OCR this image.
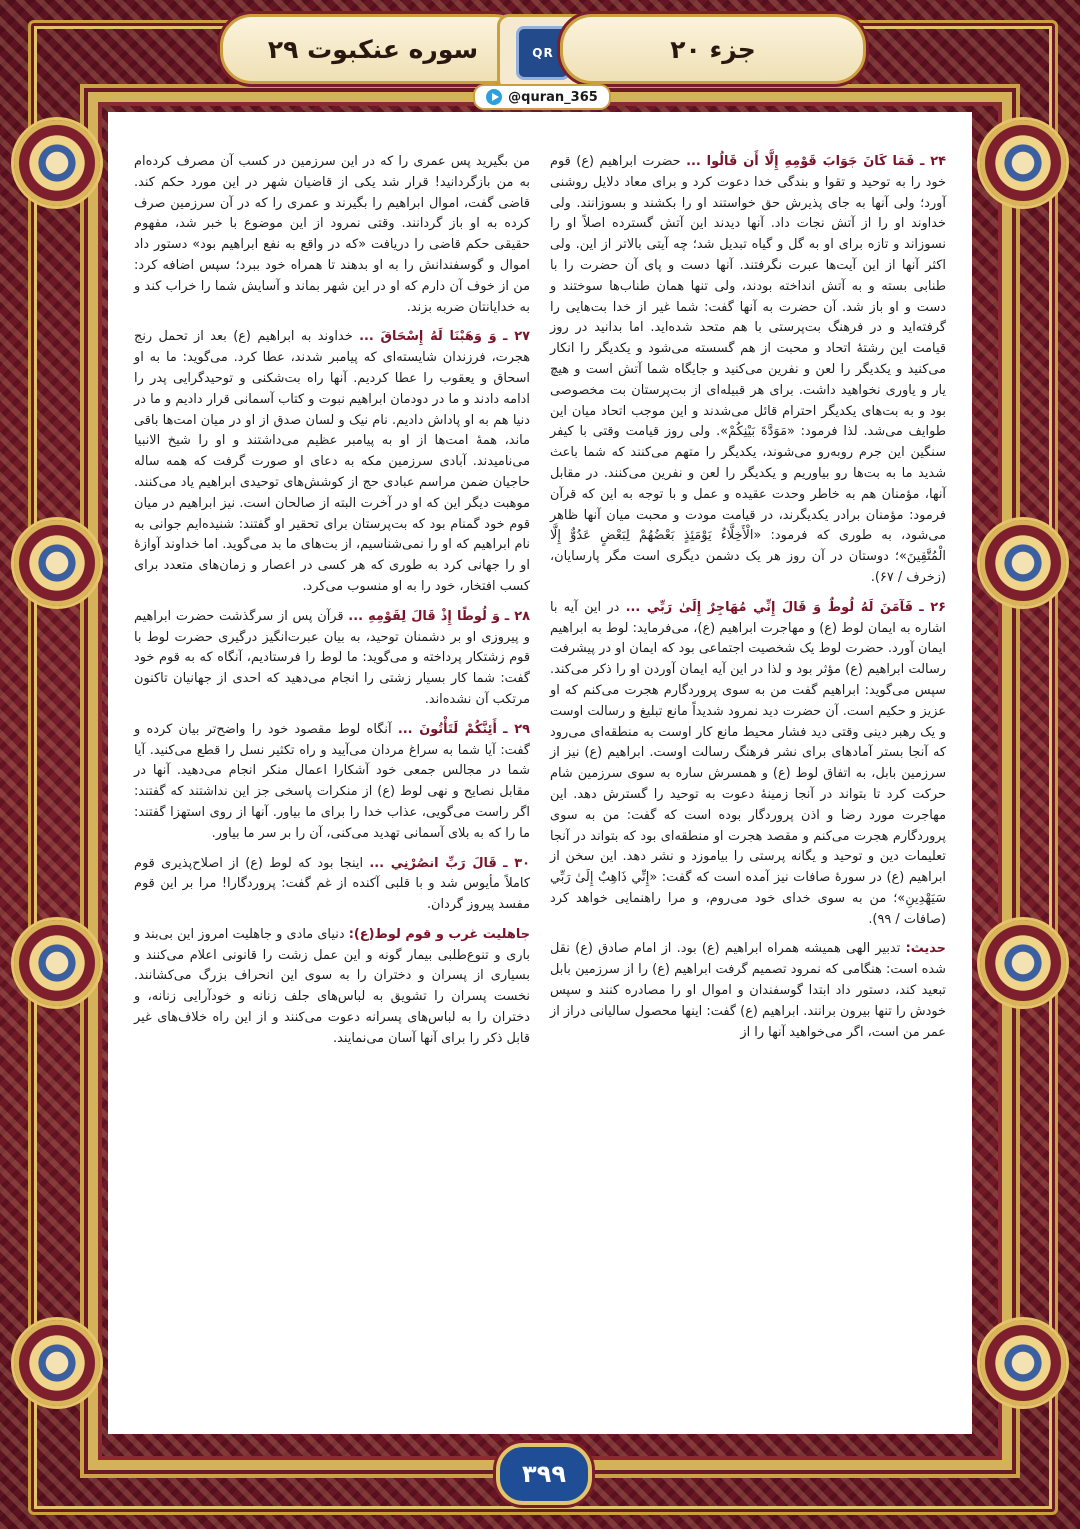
سوره عنکبوت ۲۹	QR	جزء ۲۰
@quran_365

۲۴ ـ فَمَا كَانَ جَوَابَ قَوْمِهِ إِلَّا أَن قَالُوا ... حضرت ابراهیم (ع) قوم خود را به توحید و تقوا و بندگی خدا دعوت کرد و برای معاد دلایل روشنی آورد؛ ولی آنها به جای پذیرش حق خواستند او را بکشند و بسوزانند. ولی خداوند او را از آتش نجات داد. آنها دیدند این آتش گسترده اصلاً او را نسوزاند و تازه برای او به گل و گیاه تبدیل شد؛ چه آیتی بالاتر از این. ولی اکثر آنها از این آیت‌ها عبرت نگرفتند. آنها دست و پای آن حضرت را با طنابی بسته و به آتش انداخته بودند، ولی تنها همان طناب‌ها سوختند و دست و او باز شد. آن حضرت به آنها گفت: شما غیر از خدا بت‌هایی را گرفته‌اید و در فرهنگ بت‌پرستی با هم متحد شده‌اید. اما بدانید در روز قیامت این رشتهٔ اتحاد و محبت از هم گسسته می‌شود و یکدیگر را انکار می‌کنید و یکدیگر را لعن و نفرین می‌کنید و جایگاه شما آتش است و هیچ یار و یاوری نخواهید داشت. برای هر قبیله‌ای از بت‌پرستان بت مخصوصی بود و به بت‌های یکدیگر احترام قائل می‌شدند و این موجب اتحاد میان این طوایف می‌شد. لذا فرمود: «مَوَدَّةَ بَيْنِكُمْ». ولی روز قیامت وقتی با کیفر سنگین این جرم روبه‌رو می‌شوند، یکدیگر را متهم می‌کنند که شما باعث شدید ما به بت‌ها رو بیاوریم و یکدیگر را لعن و نفرین می‌کنند. در مقابل آنها، مؤمنان هم به خاطر وحدت عقیده و عمل و با توجه به این که قرآن فرمود: مؤمنان برادر یکدیگرند، در قیامت مودت و محبت میان آنها ظاهر می‌شود، به طوری که فرمود: «الْأَخِلَّاءُ يَوْمَئِذٍ بَعْضُهُمْ لِبَعْضٍ عَدُوٌّ إِلَّا الْمُتَّقِينَ»؛ دوستان در آن روز هر یک دشمن دیگری است مگر پارسایان، (زخرف / ۶۷).

۲۶ ـ فَآمَنَ لَهُ لُوطٌ وَ قَالَ إِنِّي مُهَاجِرٌ إِلَىٰ رَبِّي ... در این آیه با اشاره به ایمان لوط (ع) و مهاجرت ابراهیم (ع)، می‌فرماید: لوط به ابراهیم ایمان آورد. حضرت لوط یک شخصیت اجتماعی بود که ایمان او در پیشرفت رسالت ابراهیم (ع) مؤثر بود و لذا در این آیه ایمان آوردن او را ذکر می‌کند. سپس می‌گوید: ابراهیم گفت من به سوی پروردگارم هجرت می‌کنم که او عزیز و حکیم است. آن حضرت دید نمرود شدیداً مانع تبلیغ و رسالت اوست و یک رهبر دینی وقتی دید فشار محیط مانع کار اوست به منطقه‌ای می‌رود که آنجا بستر آمادهای برای نشر فرهنگ رسالت اوست. ابراهیم (ع) نیز از سرزمین بابل، به اتفاق لوط (ع) و همسرش ساره به سوی سرزمین شام حرکت کرد تا بتواند در آنجا زمینهٔ دعوت به توحید را گسترش دهد. این مهاجرت مورد رضا و اذن پروردگار بوده است که گفت: من به سوی پروردگارم هجرت می‌کنم و مقصد هجرت او منطقه‌ای بود که بتواند در آنجا تعلیمات دین و توحید و یگانه پرستی را بیاموزد و نشر دهد. این سخن از ابراهیم (ع) در سورهٔ صافات نیز آمده است که گفت: «إِنِّي ذَاهِبٌ إِلَىٰ رَبِّي سَيَهْدِينِ»؛ من به سوی خدای خود می‌روم، و مرا راهنمایی خواهد کرد (صافات / ۹۹).

حدیث: تدبیر الهی همیشه همراه ابراهیم (ع) بود. از امام صادق (ع) نقل شده است: هنگامی که نمرود تصمیم گرفت ابراهیم (ع) را از سرزمین بابل تبعید کند، دستور داد ابتدا گوسفندان و اموال او را مصادره کنند و سپس خودش را تنها بیرون برانند. ابراهیم (ع) گفت: اینها محصول سالیانی دراز از عمر من است، اگر می‌خواهید آنها را از

من بگیرید پس عمری را که در این سرزمین در کسب آن مصرف کرده‌ام به من بازگردانید! قرار شد یکی از قاضیان شهر در این مورد حکم کند. قاضی گفت، اموال ابراهیم را بگیرند و عمری را که در آن سرزمین صرف کرده به او باز گردانند. وقتی نمرود از این موضوع با خبر شد، مفهوم حقیقی حکم قاضی را دریافت «که در واقع به نفع ابراهیم بود» دستور داد اموال و گوسفندانش را به او بدهند تا همراه خود ببرد؛ سپس اضافه کرد: من از خوف آن دارم که او در این شهر بماند و آسایش شما را خراب کند و به خدایانتان ضربه بزند.

۲۷ ـ وَ وَهَبْنَا لَهُ إِسْحَاقَ ... خداوند به ابراهیم (ع) بعد از تحمل رنج هجرت، فرزندان شایسته‌ای که پیامبر شدند، عطا کرد. می‌گوید: ما به او اسحاق و یعقوب را عطا کردیم. آنها راه بت‌شکنی و توحیدگرایی پدر را ادامه دادند و ما در دودمان ابراهیم نبوت و کتاب آسمانی قرار دادیم و ما در دنیا هم به او پاداش دادیم. نام نیک و لسان صدق از او در میان امت‌ها باقی ماند، همهٔ امت‌ها از او به پیامبر عظیم می‌داشتند و او را شیخ الانبیا می‌نامیدند. آبادی سرزمین مکه به دعای او صورت گرفت که همه ساله حاجیان ضمن مراسم عبادی حج از کوشش‌های توحیدی ابراهیم یاد می‌کنند. موهبت دیگر این که او در آخرت البته از صالحان است. نیز ابراهیم در میان قوم خود گمنام بود که بت‌پرستان برای تحقیر او گفتند: شنیده‌ایم جوانی به نام ابراهیم که او را نمی‌شناسیم، از بت‌های ما بد می‌گوید. اما خداوند آوازهٔ او را جهانی کرد به طوری که هر کسی در اعصار و زمان‌های متعدد برای کسب افتخار، خود را به او منسوب می‌کرد.

۲۸ ـ وَ لُوطًا إِذْ قَالَ لِقَوْمِهِ ... قرآن پس از سرگذشت حضرت ابراهیم و پیروزی او بر دشمنان توحید، به بیان عبرت‌انگیز درگیری حضرت لوط با قوم زشتکار پرداخته و می‌گوید: ما لوط را فرستادیم، آنگاه که به قوم خود گفت: شما کار بسیار زشتی را انجام می‌دهید که احدی از جهانیان تاکنون مرتکب آن نشده‌اند.

۲۹ ـ أَئِنَّكُمْ لَتَأْتُونَ ... آنگاه لوط مقصود خود را واضح‌تر بیان کرده و گفت: آیا شما به سراغ مردان می‌آیید و راه تکثیر نسل را قطع می‌کنید. آیا شما در مجالس جمعی خود آشکارا اعمال منکر انجام می‌دهید. آنها در مقابل نصایح و نهی لوط (ع) از منکرات پاسخی جز این نداشتند که گفتند: اگر راست می‌گویی، عذاب خدا را برای ما بیاور. آنها از روی استهزا گفتند: ما را که به بلای آسمانی تهدید می‌کنی، آن را بر سر ما بیاور.

۳۰ ـ قَالَ رَبِّ انصُرْنِي ... اینجا بود که لوط (ع) از اصلاح‌پذیری قوم کاملاً مأیوس شد و با قلبی آکنده از غم گفت: پروردگارا! مرا بر این قوم مفسد پیروز گردان.

جاهلیت غرب و قوم لوط(ع): دنیای مادی و جاهلیت امروز این بی‌بند و باری و تنوع‌طلبی بیمار گونه و این عمل زشت را قانونی اعلام می‌کنند و بسیاری از پسران و دختران را به سوی این انحراف بزرگ می‌کشانند. نخست پسران را تشویق به لباس‌های جلف زنانه و خودآرایی زنانه، و دختران را به لباس‌های پسرانه دعوت می‌کنند و از این راه خلاف‌های غیر قابل ذکر را برای آنها آسان می‌نمایند.

۳۹۹
